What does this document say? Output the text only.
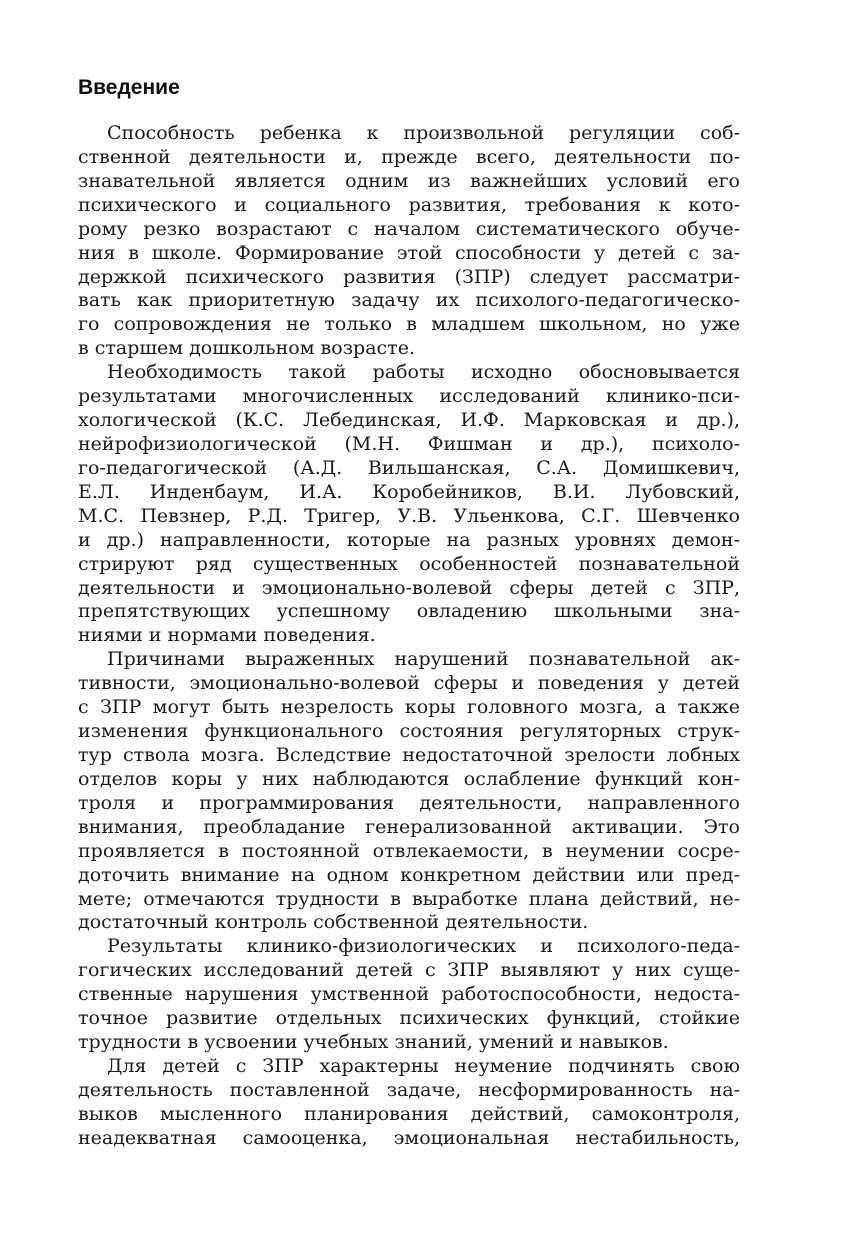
Введение
Способность ребенка к произвольной регуляции соб-
ственной деятельности и, прежде всего, деятельности по-
знавательной является одним из важнейших условий его
психического и социального развития, требования к кото-
рому резко возрастают с началом систематического обуче-
ния в школе. Формирование этой способности у детей с за-
держкой психического развития (ЗПР) следует рассматри-
вать как приоритетную задачу их психолого-педагогическо-
го сопровождения не только в младшем школьном, но уже
в старшем дошкольном возрасте.
Необходимость такой работы исходно обосновывается
результатами многочисленных исследований клинико-пси-
хологической (К.С. Лебединская, И.Ф. Марковская и др.),
нейрофизиологической (М.Н. Фишман и др.), психоло-
го-педагогической (А.Д. Вильшанская, С.А. Домишкевич,
Е.Л. Инденбаум, И.А. Коробейников, В.И. Лубовский,
М.С. Певзнер, Р.Д. Тригер, У.В. Ульенкова, С.Г. Шевченко
и др.) направленности, которые на разных уровнях демон-
стрируют ряд существенных особенностей познавательной
деятельности и эмоционально-волевой сферы детей с ЗПР,
препятствующих успешному овладению школьными зна-
ниями и нормами поведения.
Причинами выраженных нарушений познавательной ак-
тивности, эмоционально-волевой сферы и поведения у детей
с ЗПР могут быть незрелость коры головного мозга, а также
изменения функционального состояния регуляторных струк-
тур ствола мозга. Вследствие недостаточной зрелости лобных
отделов коры у них наблюдаются ослабление функций кон-
троля и программирования деятельности, направленного
внимания, преобладание генерализованной активации. Это
проявляется в постоянной отвлекаемости, в неумении сосре-
доточить внимание на одном конкретном действии или пред-
мете; отмечаются трудности в выработке плана действий, не-
достаточный контроль собственной деятельности.
Результаты клинико-физиологических и психолого-педа-
гогических исследований детей с ЗПР выявляют у них суще-
ственные нарушения умственной работоспособности, недоста-
точное развитие отдельных психических функций, стойкие
трудности в усвоении учебных знаний, умений и навыков.
Для детей с ЗПР характерны неумение подчинять свою
деятельность поставленной задаче, несформированность на-
выков мысленного планирования действий, самоконтроля,
неадекватная самооценка, эмоциональная нестабильность,
